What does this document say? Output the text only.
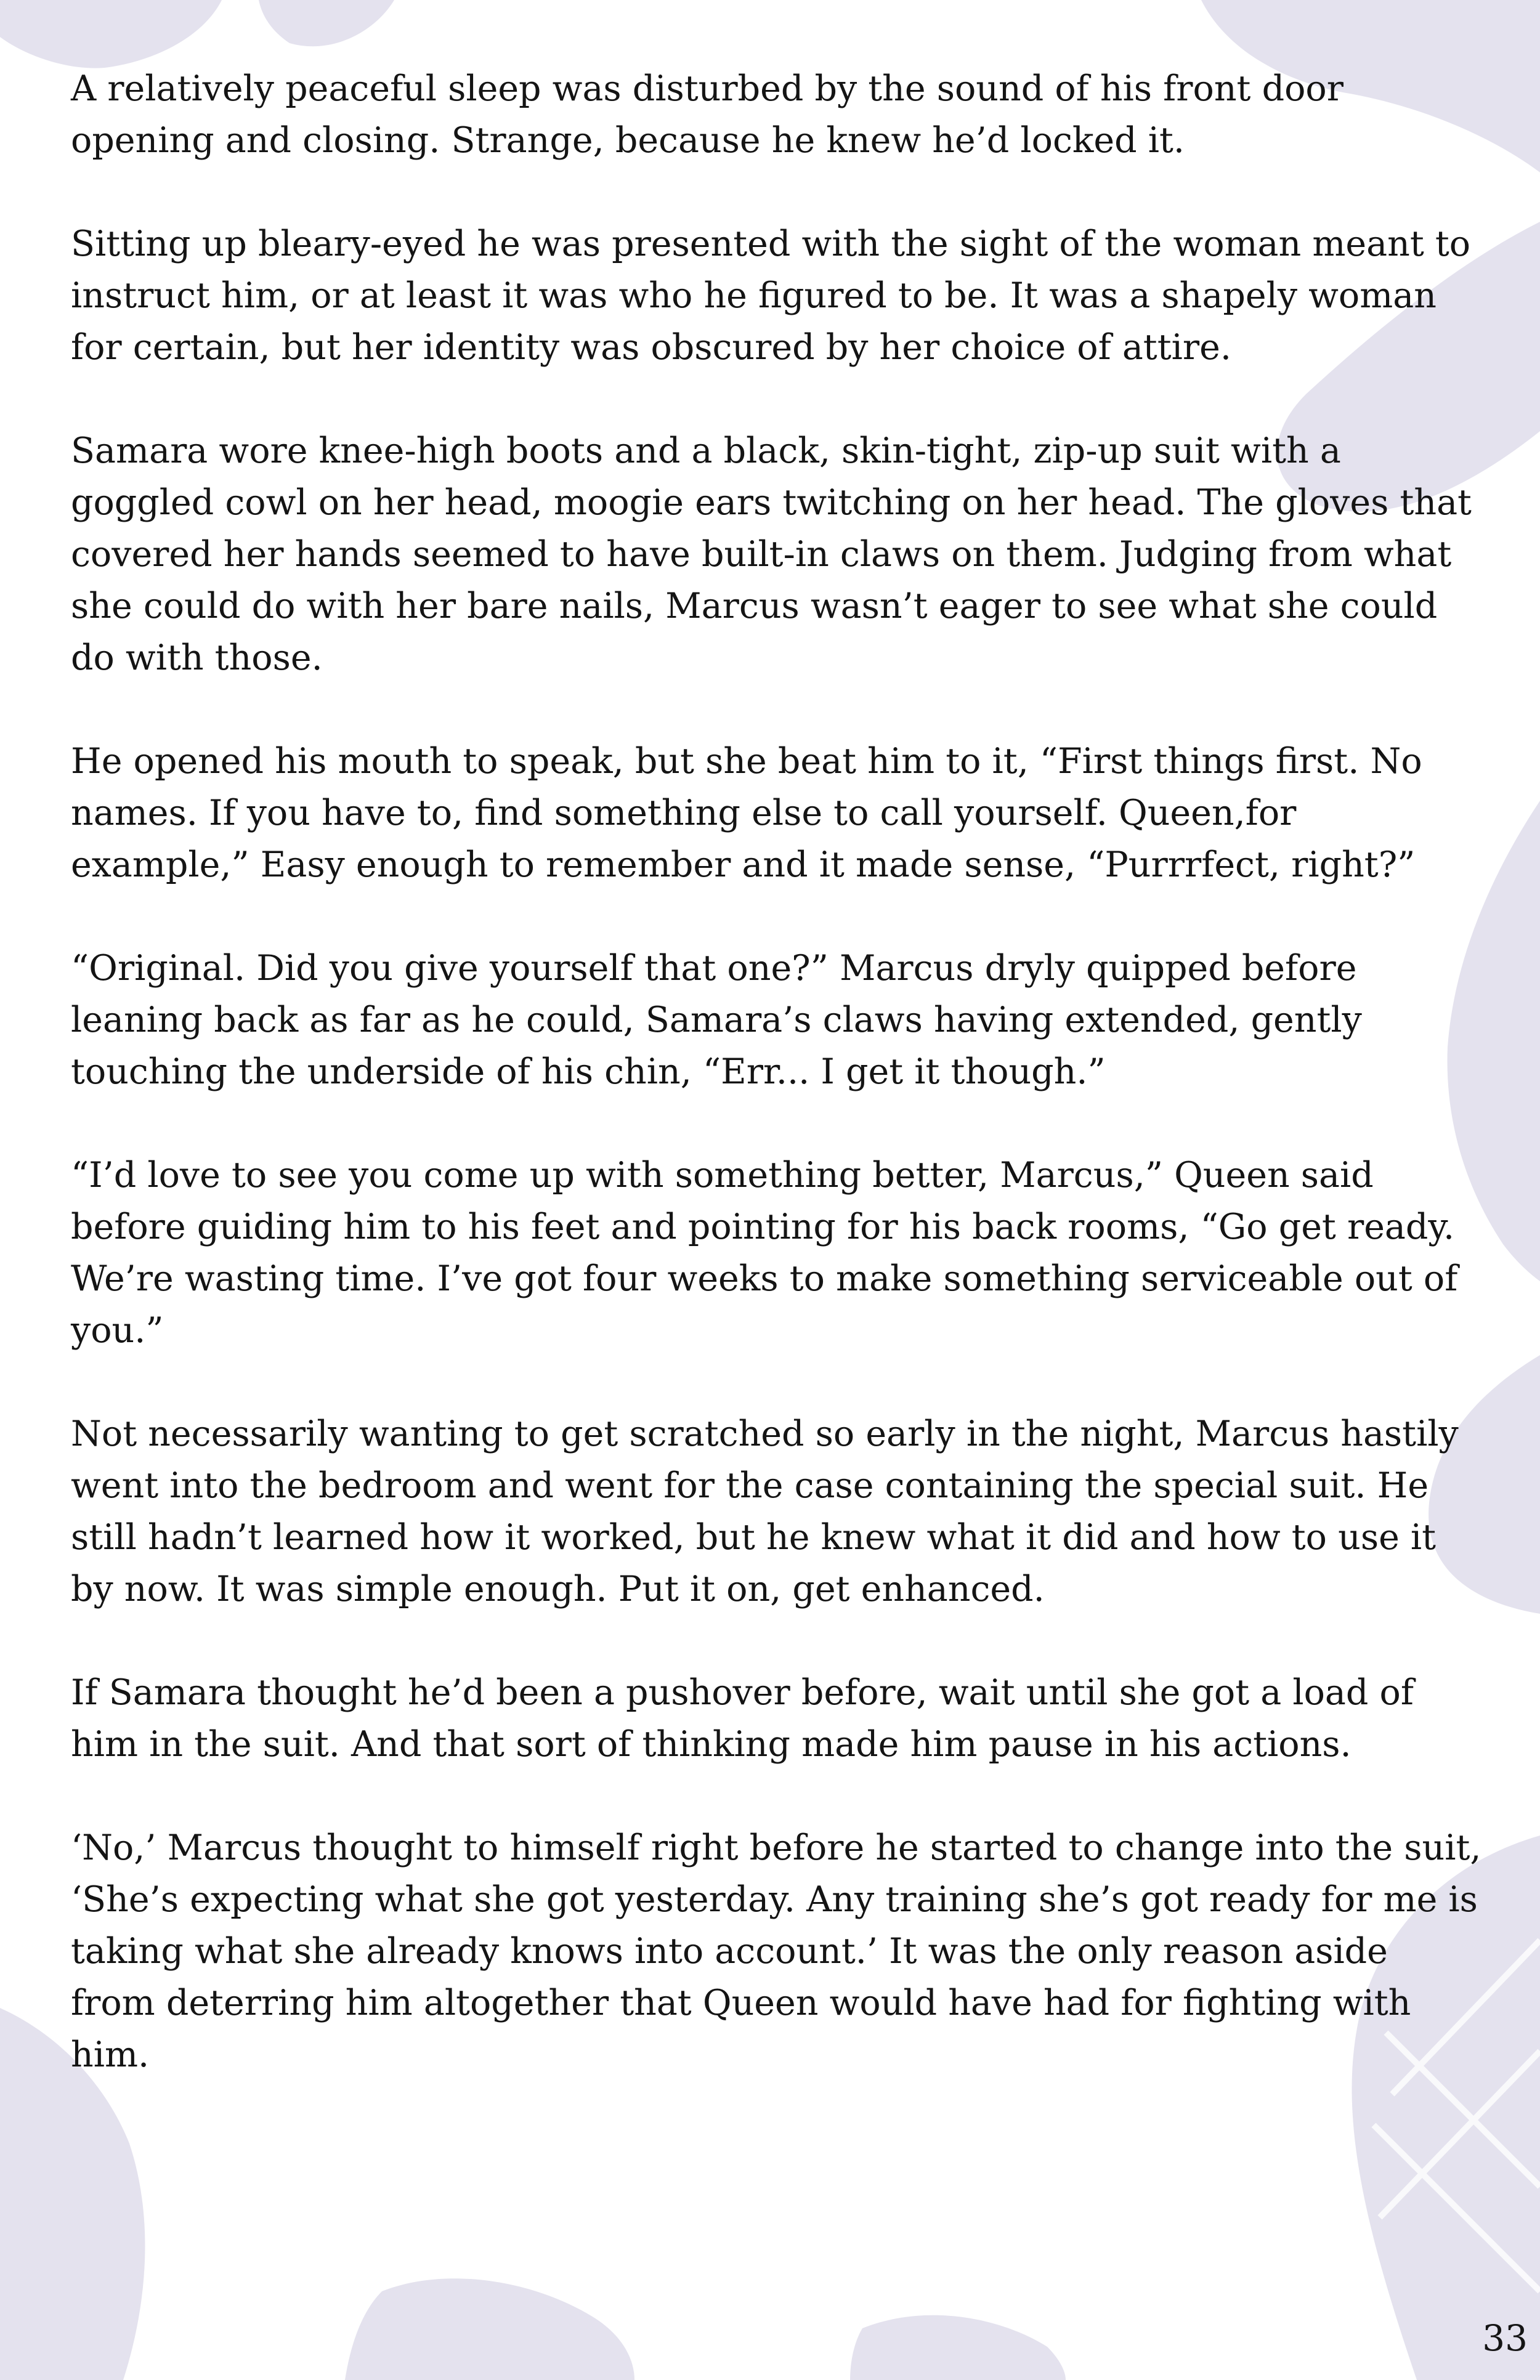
A relatively peaceful sleep was disturbed by the sound of his front door opening and closing. Strange, because he knew he’d locked it.

Sitting up bleary-eyed he was presented with the sight of the woman meant to instruct him, or at least it was who he figured to be. It was a shapely woman for certain, but her identity was obscured by her choice of attire.

Samara wore knee-high boots and a black, skin-tight, zip-up suit with a goggled cowl on her head, moogie ears twitching on her head. The gloves that covered her hands seemed to have built-in claws on them. Judging from what she could do with her bare nails, Marcus wasn’t eager to see what she could do with those.

He opened his mouth to speak, but she beat him to it, “First things first. No names. If you have to, find something else to call yourself. Queen,for example,” Easy enough to remember and it made sense, “Purrrfect, right?”

“Original. Did you give yourself that one?” Marcus dryly quipped before leaning back as far as he could, Samara’s claws having extended, gently touching the underside of his chin, “Err... I get it though.”

“I’d love to see you come up with something better, Marcus,” Queen said before guiding him to his feet and pointing for his back rooms, “Go get ready. We’re wasting time. I’ve got four weeks to make something serviceable out of you.”

Not necessarily wanting to get scratched so early in the night, Marcus hastily went into the bedroom and went for the case containing the special suit. He still hadn’t learned how it worked, but he knew what it did and how to use it by now. It was simple enough. Put it on, get enhanced.

If Samara thought he’d been a pushover before, wait until she got a load of him in the suit. And that sort of thinking made him pause in his actions.

‘No,’ Marcus thought to himself right before he started to change into the suit, ‘She’s expecting what she got yesterday. Any training she’s got ready for me is taking what she already knows into account.’ It was the only reason aside from deterring him altogether that Queen would have had for fighting with him.

33
